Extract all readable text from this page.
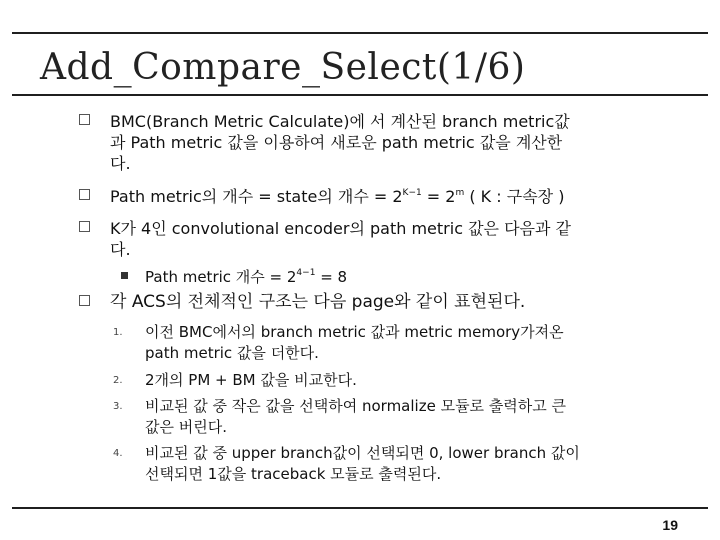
Add_Compare_Select(1/6)
BMC(Branch Metric Calculate)에 서 계산된 branch metric값
과 Path metric 값을 이용하여 새로운 path metric 값을 계산한
다.
Path metric의 개수 = state의 개수 = $2^{K-1} = 2^m$ ( K : 구속장 )
K가 4인 convolutional encoder의 path metric 값은 다음과 같
다.
Path metric 개수 = $2^{4-1} = 8$
각 ACS의 전체적인 구조는 다음 page와 같이 표현된다.
1.	이전 BMC에서의 branch metric 값과 metric memory가져온
path metric 값을 더한다.
2.	2개의 PM + BM 값을 비교한다.
3.	비교된 값 중 작은 값을 선택하여 normalize 모듈로 출력하고 큰
값은 버린다.
4.	비교된 값 중 upper branch값이 선택되면 0, lower branch 값이
선택되면 1값을 traceback 모듈로 출력된다.
19
